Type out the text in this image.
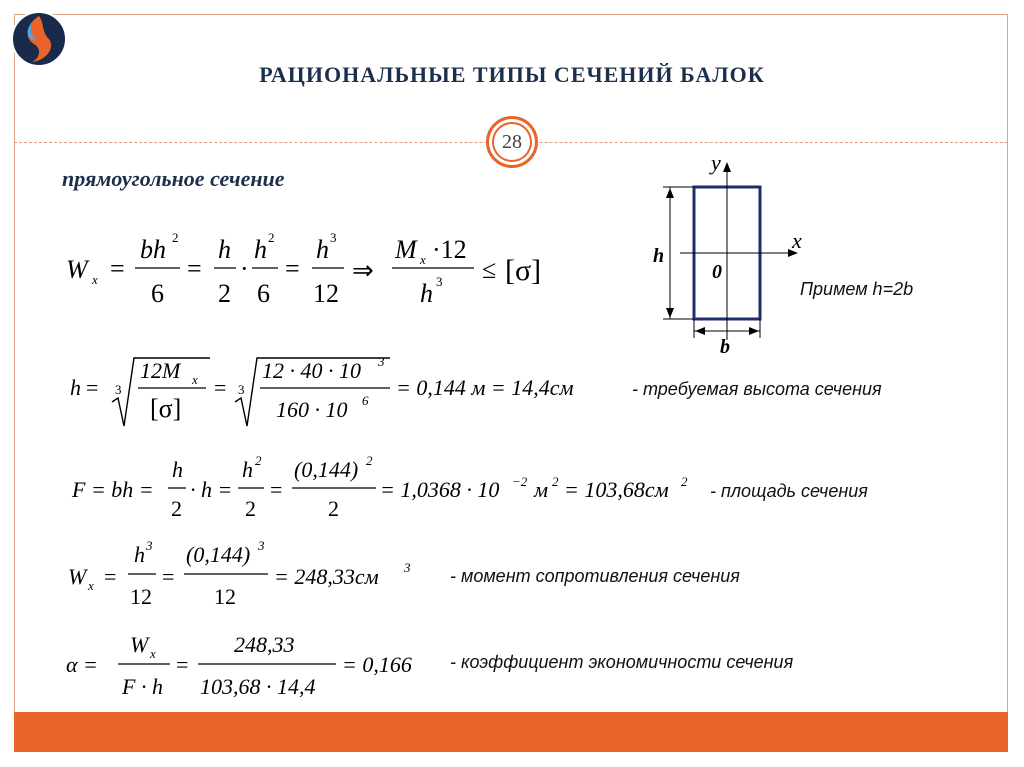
РАЦИОНАЛЬНЫЕ ТИПЫ СЕЧЕНИЙ БАЛОК
28
прямоугольное сечение
y
x
h
b
0
Примем h=2b
W x =
bh 2
6
=
h
2
·
h 2
6
=
h 3
12
⇒
M x ·12
h 3 ≤ [σ]
h = 3
12M x
[σ]
= 3
12 · 40 · 10 3
160 · 10 6
= 0,144 м = 14,4см	- требуемая высота сечения
F = bh =
h
2
· h =
h 2
2
=
(0,144) 2
2
= 1,0368 · 10 −2 м 2 = 103,68см 2 - площадь сечения
W x =
h 3
12
=
(0,144) 3
12
= 248,33см 3 - момент сопротивления сечения
α =
W x
F · h
=
248,33
103,68 · 14,4
= 0,166 - коэффициент экономичности сечения
